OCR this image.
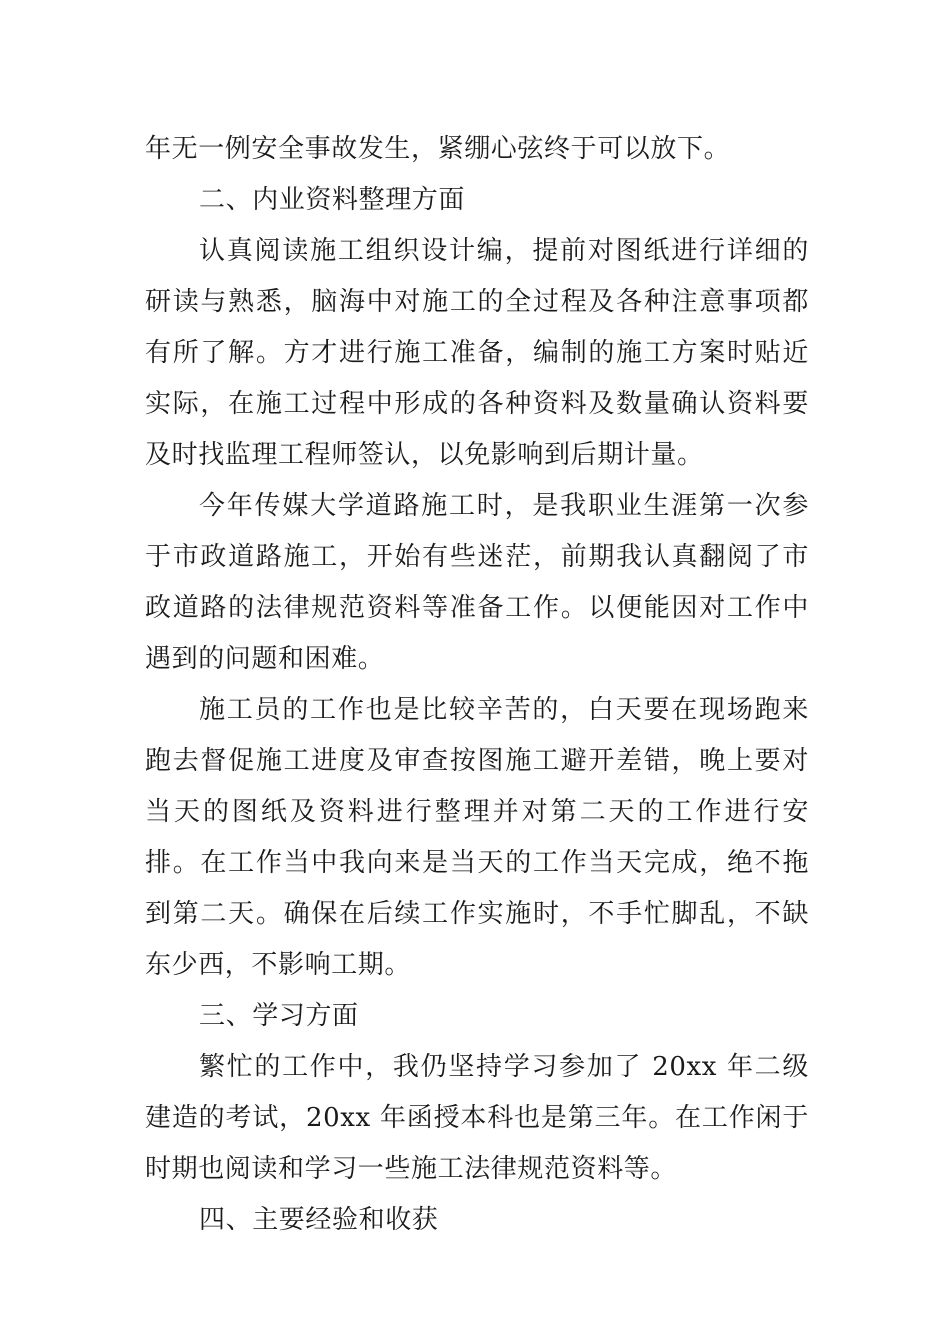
年无一例安全事故发生，紧绷心弦终于可以放下。

二、内业资料整理方面

认真阅读施工组织设计编，提前对图纸进行详细的研读与熟悉，脑海中对施工的全过程及各种注意事项都有所了解。方才进行施工准备，编制的施工方案时贴近实际，在施工过程中形成的各种资料及数量确认资料要及时找监理工程师签认，以免影响到后期计量。

今年传媒大学道路施工时，是我职业生涯第一次参于市政道路施工，开始有些迷茫，前期我认真翻阅了市政道路的法律规范资料等准备工作。以便能因对工作中遇到的问题和困难。

施工员的工作也是比较辛苦的，白天要在现场跑来跑去督促施工进度及审查按图施工避开差错，晚上要对当天的图纸及资料进行整理并对第二天的工作进行安排。在工作当中我向来是当天的工作当天完成，绝不拖到第二天。确保在后续工作实施时，不手忙脚乱，不缺东少西，不影响工期。

三、学习方面

繁忙的工作中，我仍坚持学习参加了 20xx 年二级建造的考试，20xx 年函授本科也是第三年。在工作闲于时期也阅读和学习一些施工法律规范资料等。

四、主要经验和收获
